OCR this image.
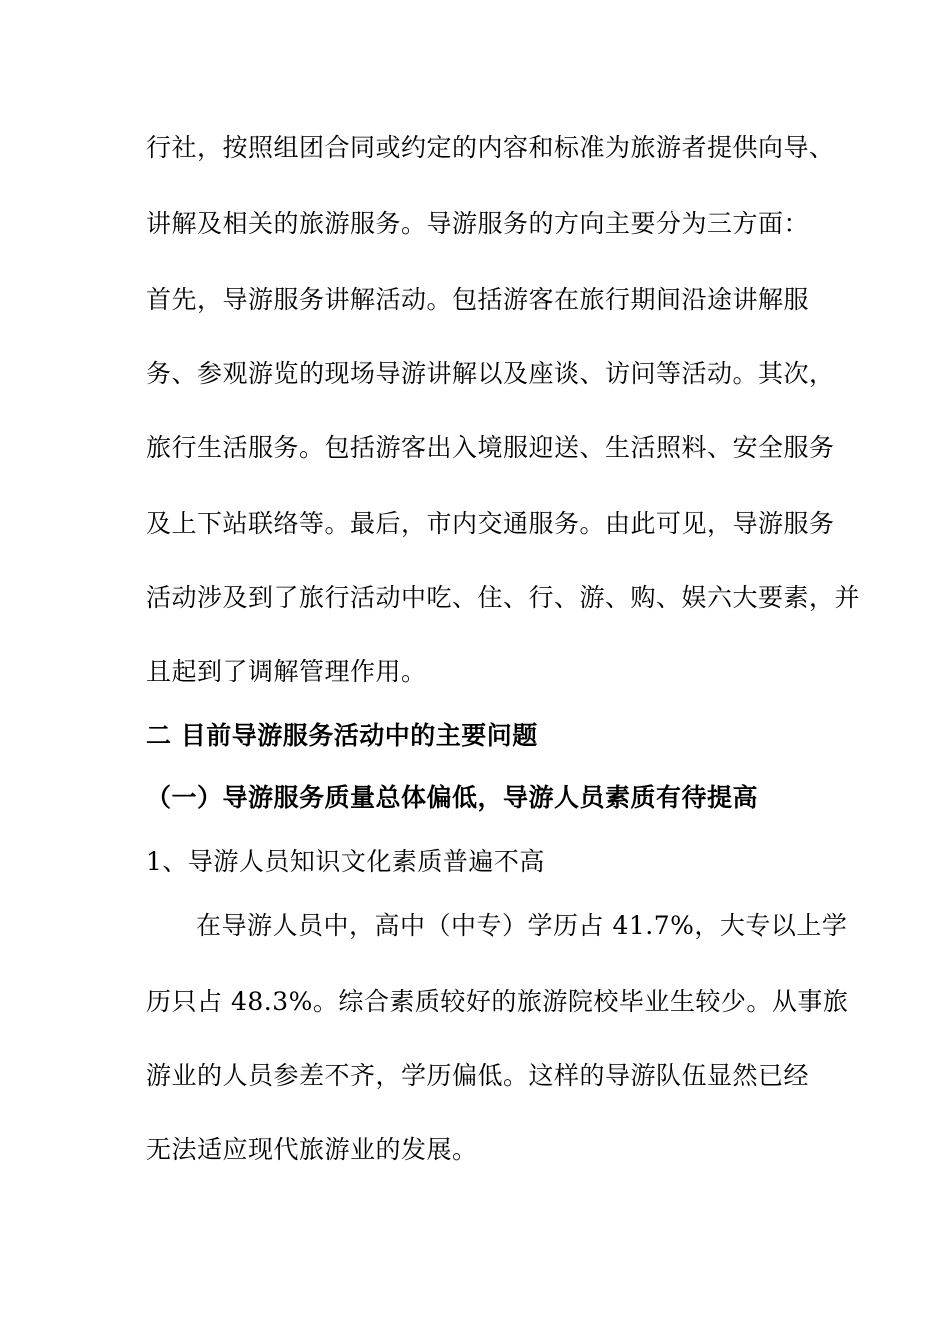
行社，按照组团合同或约定的内容和标准为旅游者提供向导、
讲解及相关的旅游服务。导游服务的方向主要分为三方面：
首先，导游服务讲解活动。包括游客在旅行期间沿途讲解服
务、参观游览的现场导游讲解以及座谈、访问等活动。其次，
旅行生活服务。包括游客出入境服迎送、生活照料、安全服务
及上下站联络等。最后，市内交通服务。由此可见，导游服务
活动涉及到了旅行活动中吃、住、行、游、购、娱六大要素，并
且起到了调解管理作用。
二 目前导游服务活动中的主要问题
（一）导游服务质量总体偏低，导游人员素质有待提高
1、导游人员知识文化素质普遍不高
在导游人员中，高中（中专）学历占 41.7%，大专以上学
历只占 48.3%。综合素质较好的旅游院校毕业生较少。从事旅
游业的人员参差不齐，学历偏低。这样的导游队伍显然已经
无法适应现代旅游业的发展。
